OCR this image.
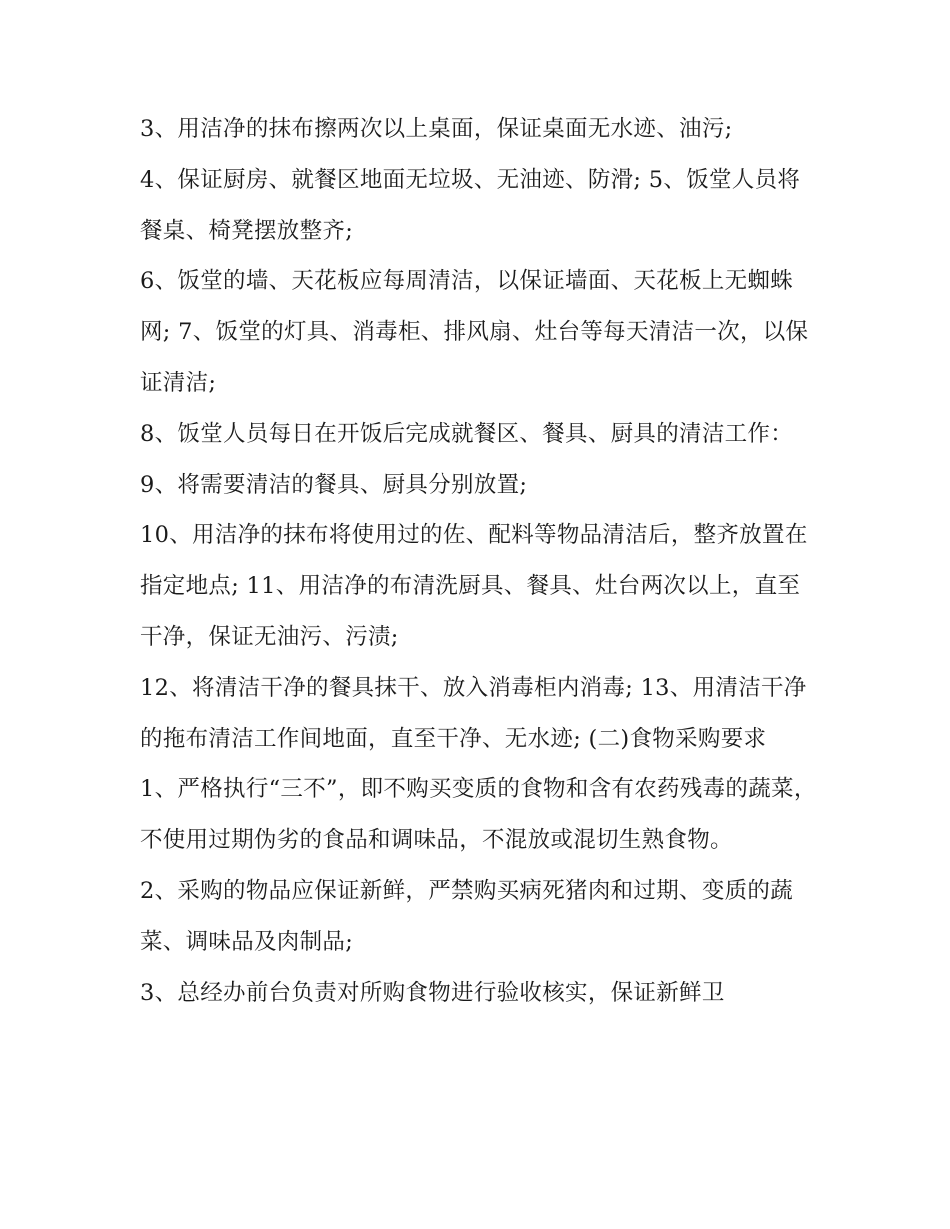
3、用洁净的抹布擦两次以上桌面，保证桌面无水迹、油污;

4、保证厨房、就餐区地面无垃圾、无油迹、防滑; 5、饭堂人员将餐桌、椅凳摆放整齐;

6、饭堂的墙、天花板应每周清洁，以保证墙面、天花板上无蜘蛛网; 7、饭堂的灯具、消毒柜、排风扇、灶台等每天清洁一次，以保证清洁;

8、饭堂人员每日在开饭后完成就餐区、餐具、厨具的清洁工作： 9、将需要清洁的餐具、厨具分别放置;

10、用洁净的抹布将使用过的佐、配料等物品清洁后，整齐放置在指定地点; 11、用洁净的布清洗厨具、餐具、灶台两次以上，直至干净，保证无油污、污渍;

12、将清洁干净的餐具抹干、放入消毒柜内消毒; 13、用清洁干净的拖布清洁工作间地面，直至干净、无水迹; (二)食物采购要求

1、严格执行“三不”，即不购买变质的食物和含有农药残毒的蔬菜，不使用过期伪劣的食品和调味品，不混放或混切生熟食物。

2、采购的物品应保证新鲜，严禁购买病死猪肉和过期、变质的蔬菜、调味品及肉制品;

3、总经办前台负责对所购食物进行验收核实，保证新鲜卫
